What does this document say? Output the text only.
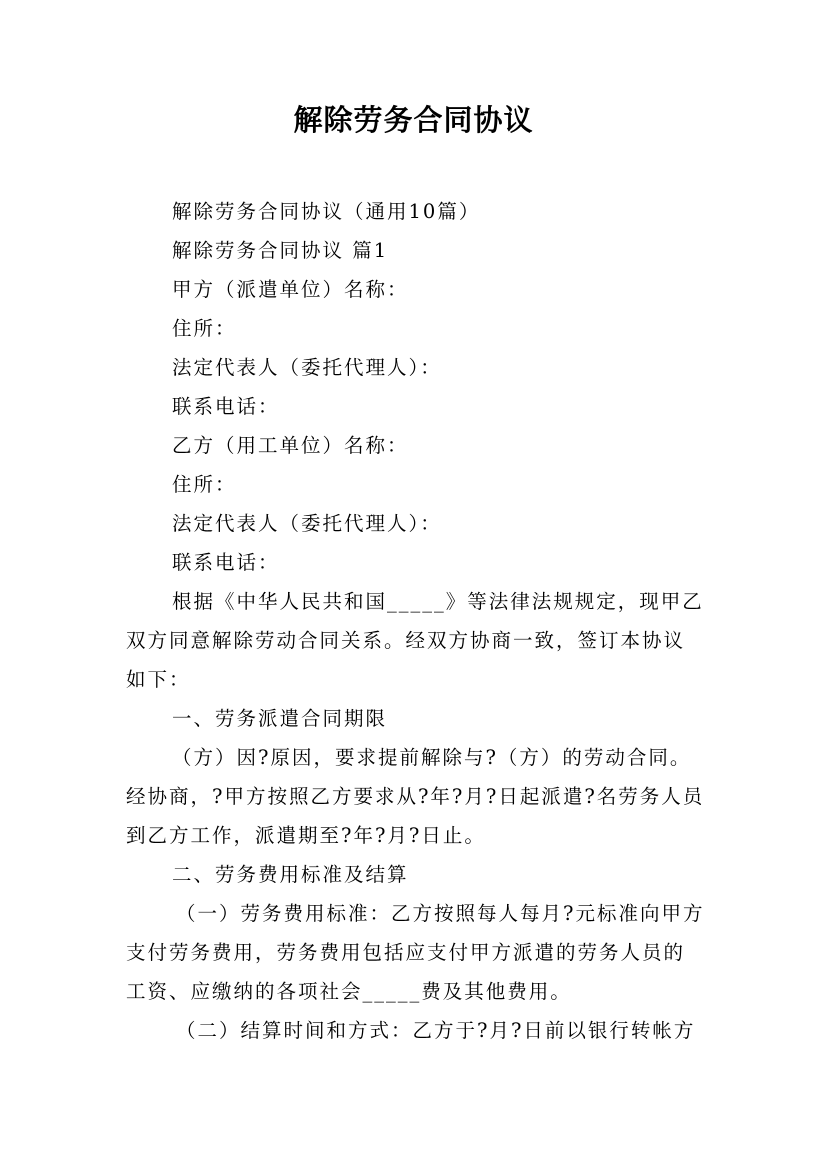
解除劳务合同协议
解除劳务合同协议（通用10篇）
解除劳务合同协议 篇1
甲方（派遣单位）名称：
住所：
法定代表人（委托代理人）：
联系电话：
乙方（用工单位）名称：
住所：
法定代表人（委托代理人）：
联系电话：
根据《中华人民共和国_____》等法律法规规定，现甲乙双方同意解除劳动合同关系。经双方协商一致，签订本协议如下：
一、劳务派遣合同期限
（方）因?原因，要求提前解除与?（方）的劳动合同。经协商，?甲方按照乙方要求从?年?月?日起派遣?名劳务人员到乙方工作，派遣期至?年?月?日止。
二、劳务费用标准及结算
（一）劳务费用标准：乙方按照每人每月?元标准向甲方支付劳务费用，劳务费用包括应支付甲方派遣的劳务人员的工资、应缴纳的各项社会_____费及其他费用。
（二）结算时间和方式：乙方于?月?日前以银行转帐方
